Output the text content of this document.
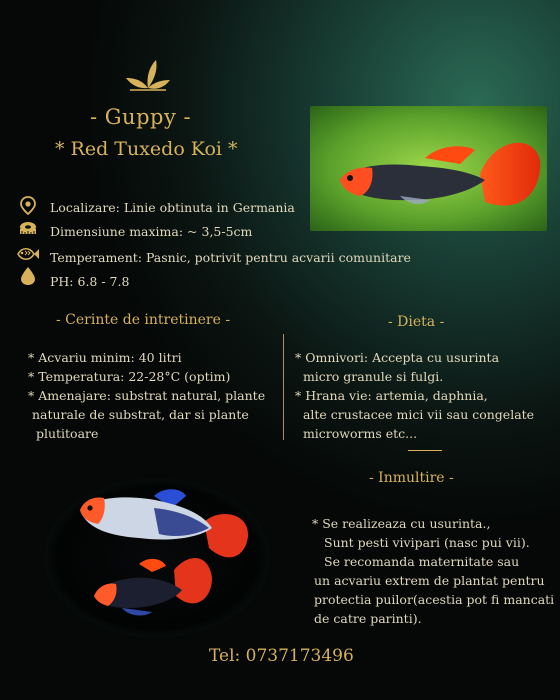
- Guppy -
* Red Tuxedo Koi *
Localizare: Linie obtinuta in Germania
Dimensiune maxima: ~ 3,5-5cm
Temperament: Pasnic, potrivit pentru acvarii comunitare
PH: 6.8 - 7.8
- Cerinte de intretinere -
* Acvariu minim: 40 litri
* Temperatura: 22-28°C (optim)
* Amenajare: substrat natural, plante
naturale de substrat, dar si plante
plutitoare
- Dieta -
* Omnivori: Accepta cu usurinta
micro granule si fulgi.
* Hrana vie: artemia, daphnia,
alte crustacee mici vii sau congelate
microworms etc...
- Inmultire -
* Se realizeaza cu usurinta.,
Sunt pesti vivipari (nasc pui vii).
Se recomanda maternitate sau
un acvariu extrem de plantat pentru
protectia puilor(acestia pot fi mancati
de catre parinti).
Tel: 0737173496
